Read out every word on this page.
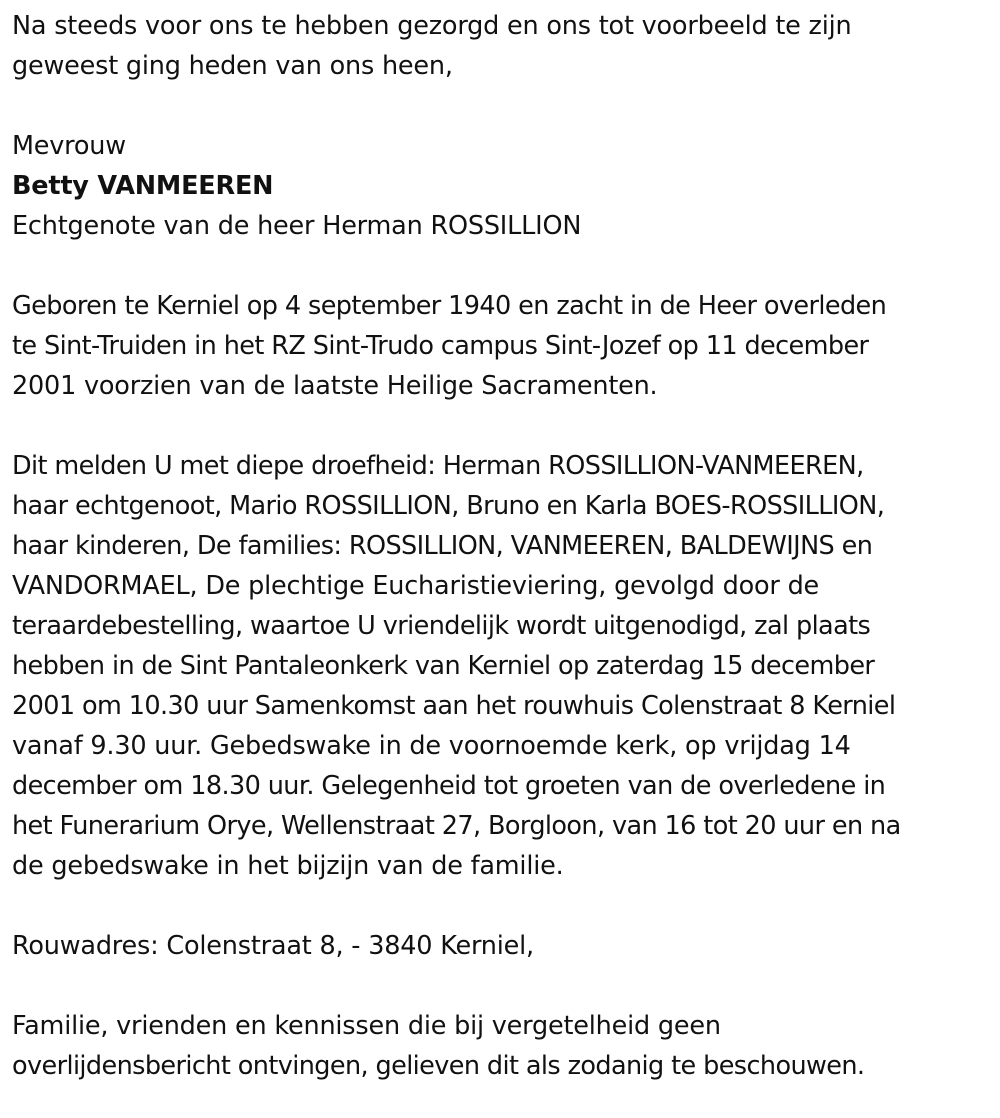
Na steeds voor ons te hebben gezorgd en ons tot voorbeeld te zijn
geweest ging heden van ons heen,
Mevrouw
Betty VANMEEREN
Echtgenote van de heer Herman ROSSILLION
Geboren te Kerniel op 4 september 1940 en zacht in de Heer overleden
te Sint-Truiden in het RZ Sint-Trudo campus Sint-Jozef op 11 december
2001 voorzien van de laatste Heilige Sacramenten.
Dit melden U met diepe droefheid: Herman ROSSILLION-VANMEEREN,
haar echtgenoot, Mario ROSSILLION, Bruno en Karla BOES-ROSSILLION,
haar kinderen, De families: ROSSILLION, VANMEEREN, BALDEWIJNS en
VANDORMAEL, De plechtige Eucharistieviering, gevolgd door de
teraardebestelling, waartoe U vriendelijk wordt uitgenodigd, zal plaats
hebben in de Sint Pantaleonkerk van Kerniel op zaterdag 15 december
2001 om 10.30 uur Samenkomst aan het rouwhuis Colenstraat 8 Kerniel
vanaf 9.30 uur. Gebedswake in de voornoemde kerk, op vrijdag 14
december om 18.30 uur. Gelegenheid tot groeten van de overledene in
het Funerarium Orye, Wellenstraat 27, Borgloon, van 16 tot 20 uur en na
de gebedswake in het bijzijn van de familie.
Rouwadres: Colenstraat 8, - 3840 Kerniel,
Familie, vrienden en kennissen die bij vergetelheid geen
overlijdensbericht ontvingen, gelieven dit als zodanig te beschouwen.
